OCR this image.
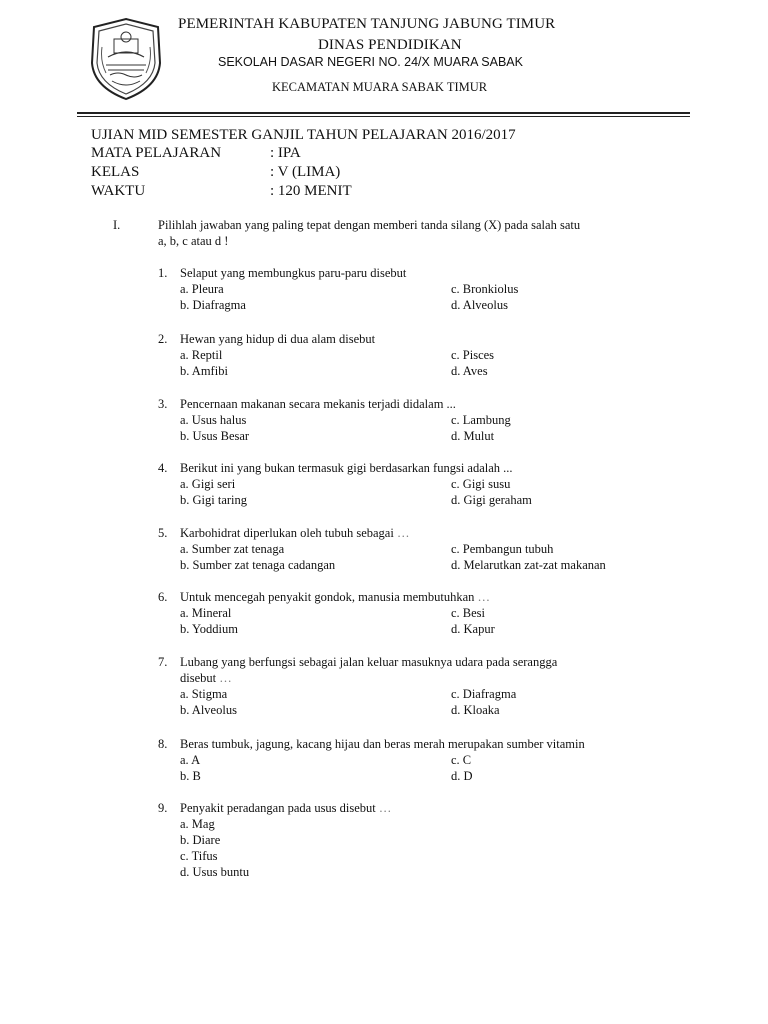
PEMERINTAH KABUPATEN TANJUNG JABUNG TIMUR
DINAS PENDIDIKAN
SEKOLAH DASAR NEGERI NO. 24/X MUARA SABAK
KECAMATAN MUARA SABAK TIMUR
UJIAN MID SEMESTER GANJIL TAHUN PELAJARAN 2016/2017
MATA PELAJARAN	: IPA
KELAS	: V (LIMA)
WAKTU	: 120 MENIT
I.	Pilihlah jawaban yang paling tepat dengan memberi tanda silang (X) pada salah satu
a, b, c atau d !
1. Selaput yang membungkus paru-paru disebut
a. Pleura	c. Bronkiolus
b. Diafragma	d. Alveolus
2. Hewan yang hidup di dua alam disebut
a. Reptil	c. Pisces
b. Amfibi	d. Aves
3. Pencernaan makanan secara mekanis terjadi didalam ...
a. Usus halus	c. Lambung
b. Usus Besar	d. Mulut
4. Berikut ini yang bukan termasuk gigi berdasarkan fungsi adalah ...
a. Gigi seri	c. Gigi susu
b. Gigi taring	d. Gigi geraham
5. Karbohidrat diperlukan oleh tubuh sebagai …
a. Sumber zat tenaga	c. Pembangun tubuh
b. Sumber zat tenaga cadangan	d. Melarutkan zat-zat makanan
6. Untuk mencegah penyakit gondok, manusia membutuhkan …
a. Mineral	c. Besi
b. Yoddium	d. Kapur
7. Lubang yang berfungsi sebagai jalan keluar masuknya udara pada serangga
disebut …
a. Stigma	c. Diafragma
b. Alveolus	d. Kloaka
8. Beras tumbuk, jagung, kacang hijau dan beras merah merupakan sumber vitamin
a. A	c. C
b. B	d. D
9. Penyakit peradangan pada usus disebut …
a. Mag
b. Diare
c. Tifus
d. Usus buntu
